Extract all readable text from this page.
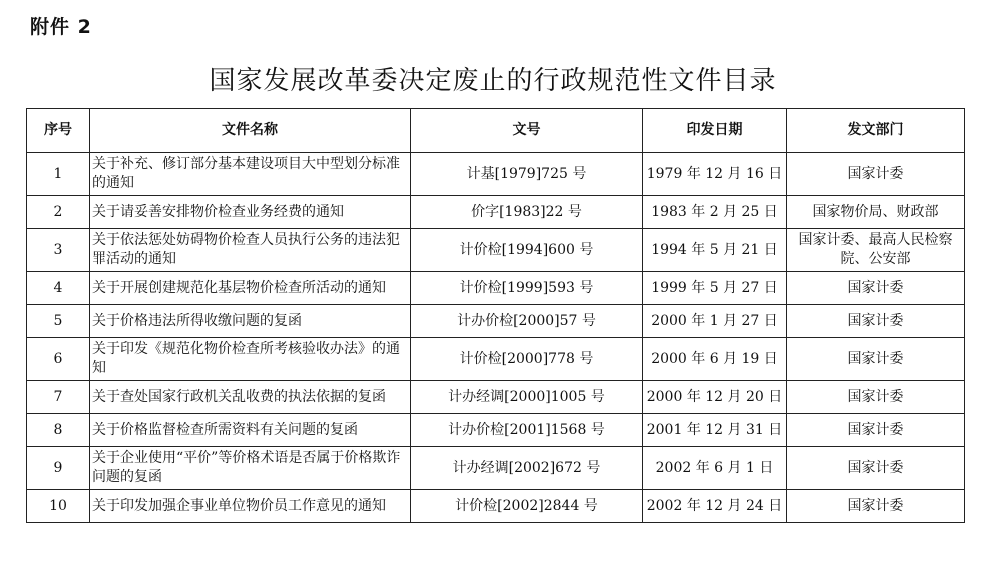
附件 2
国家发展改革委决定废止的行政规范性文件目录
序号	文件名称	文号	印发日期	发文部门
1	关于补充、修订部分基本建设项目大中型划分标准的通知	计基[1979]725 号	1979 年 12 月 16 日	国家计委
2	关于请妥善安排物价检查业务经费的通知	价字[1983]22 号	1983 年 2 月 25 日	国家物价局、财政部
3	关于依法惩处妨碍物价检查人员执行公务的违法犯罪活动的通知	计价检[1994]600 号	1994 年 5 月 21 日	国家计委、最高人民检察院、公安部
4	关于开展创建规范化基层物价检查所活动的通知	计价检[1999]593 号	1999 年 5 月 27 日	国家计委
5	关于价格违法所得收缴问题的复函	计办价检[2000]57 号	2000 年 1 月 27 日	国家计委
6	关于印发《规范化物价检查所考核验收办法》的通知	计价检[2000]778 号	2000 年 6 月 19 日	国家计委
7	关于查处国家行政机关乱收费的执法依据的复函	计办经调[2000]1005 号	2000 年 12 月 20 日	国家计委
8	关于价格监督检查所需资料有关问题的复函	计办价检[2001]1568 号	2001 年 12 月 31 日	国家计委
9	关于企业使用“平价”等价格术语是否属于价格欺诈问题的复函	计办经调[2002]672 号	2002 年 6 月 1 日	国家计委
10	关于印发加强企事业单位物价员工作意见的通知	计价检[2002]2844 号	2002 年 12 月 24 日	国家计委
